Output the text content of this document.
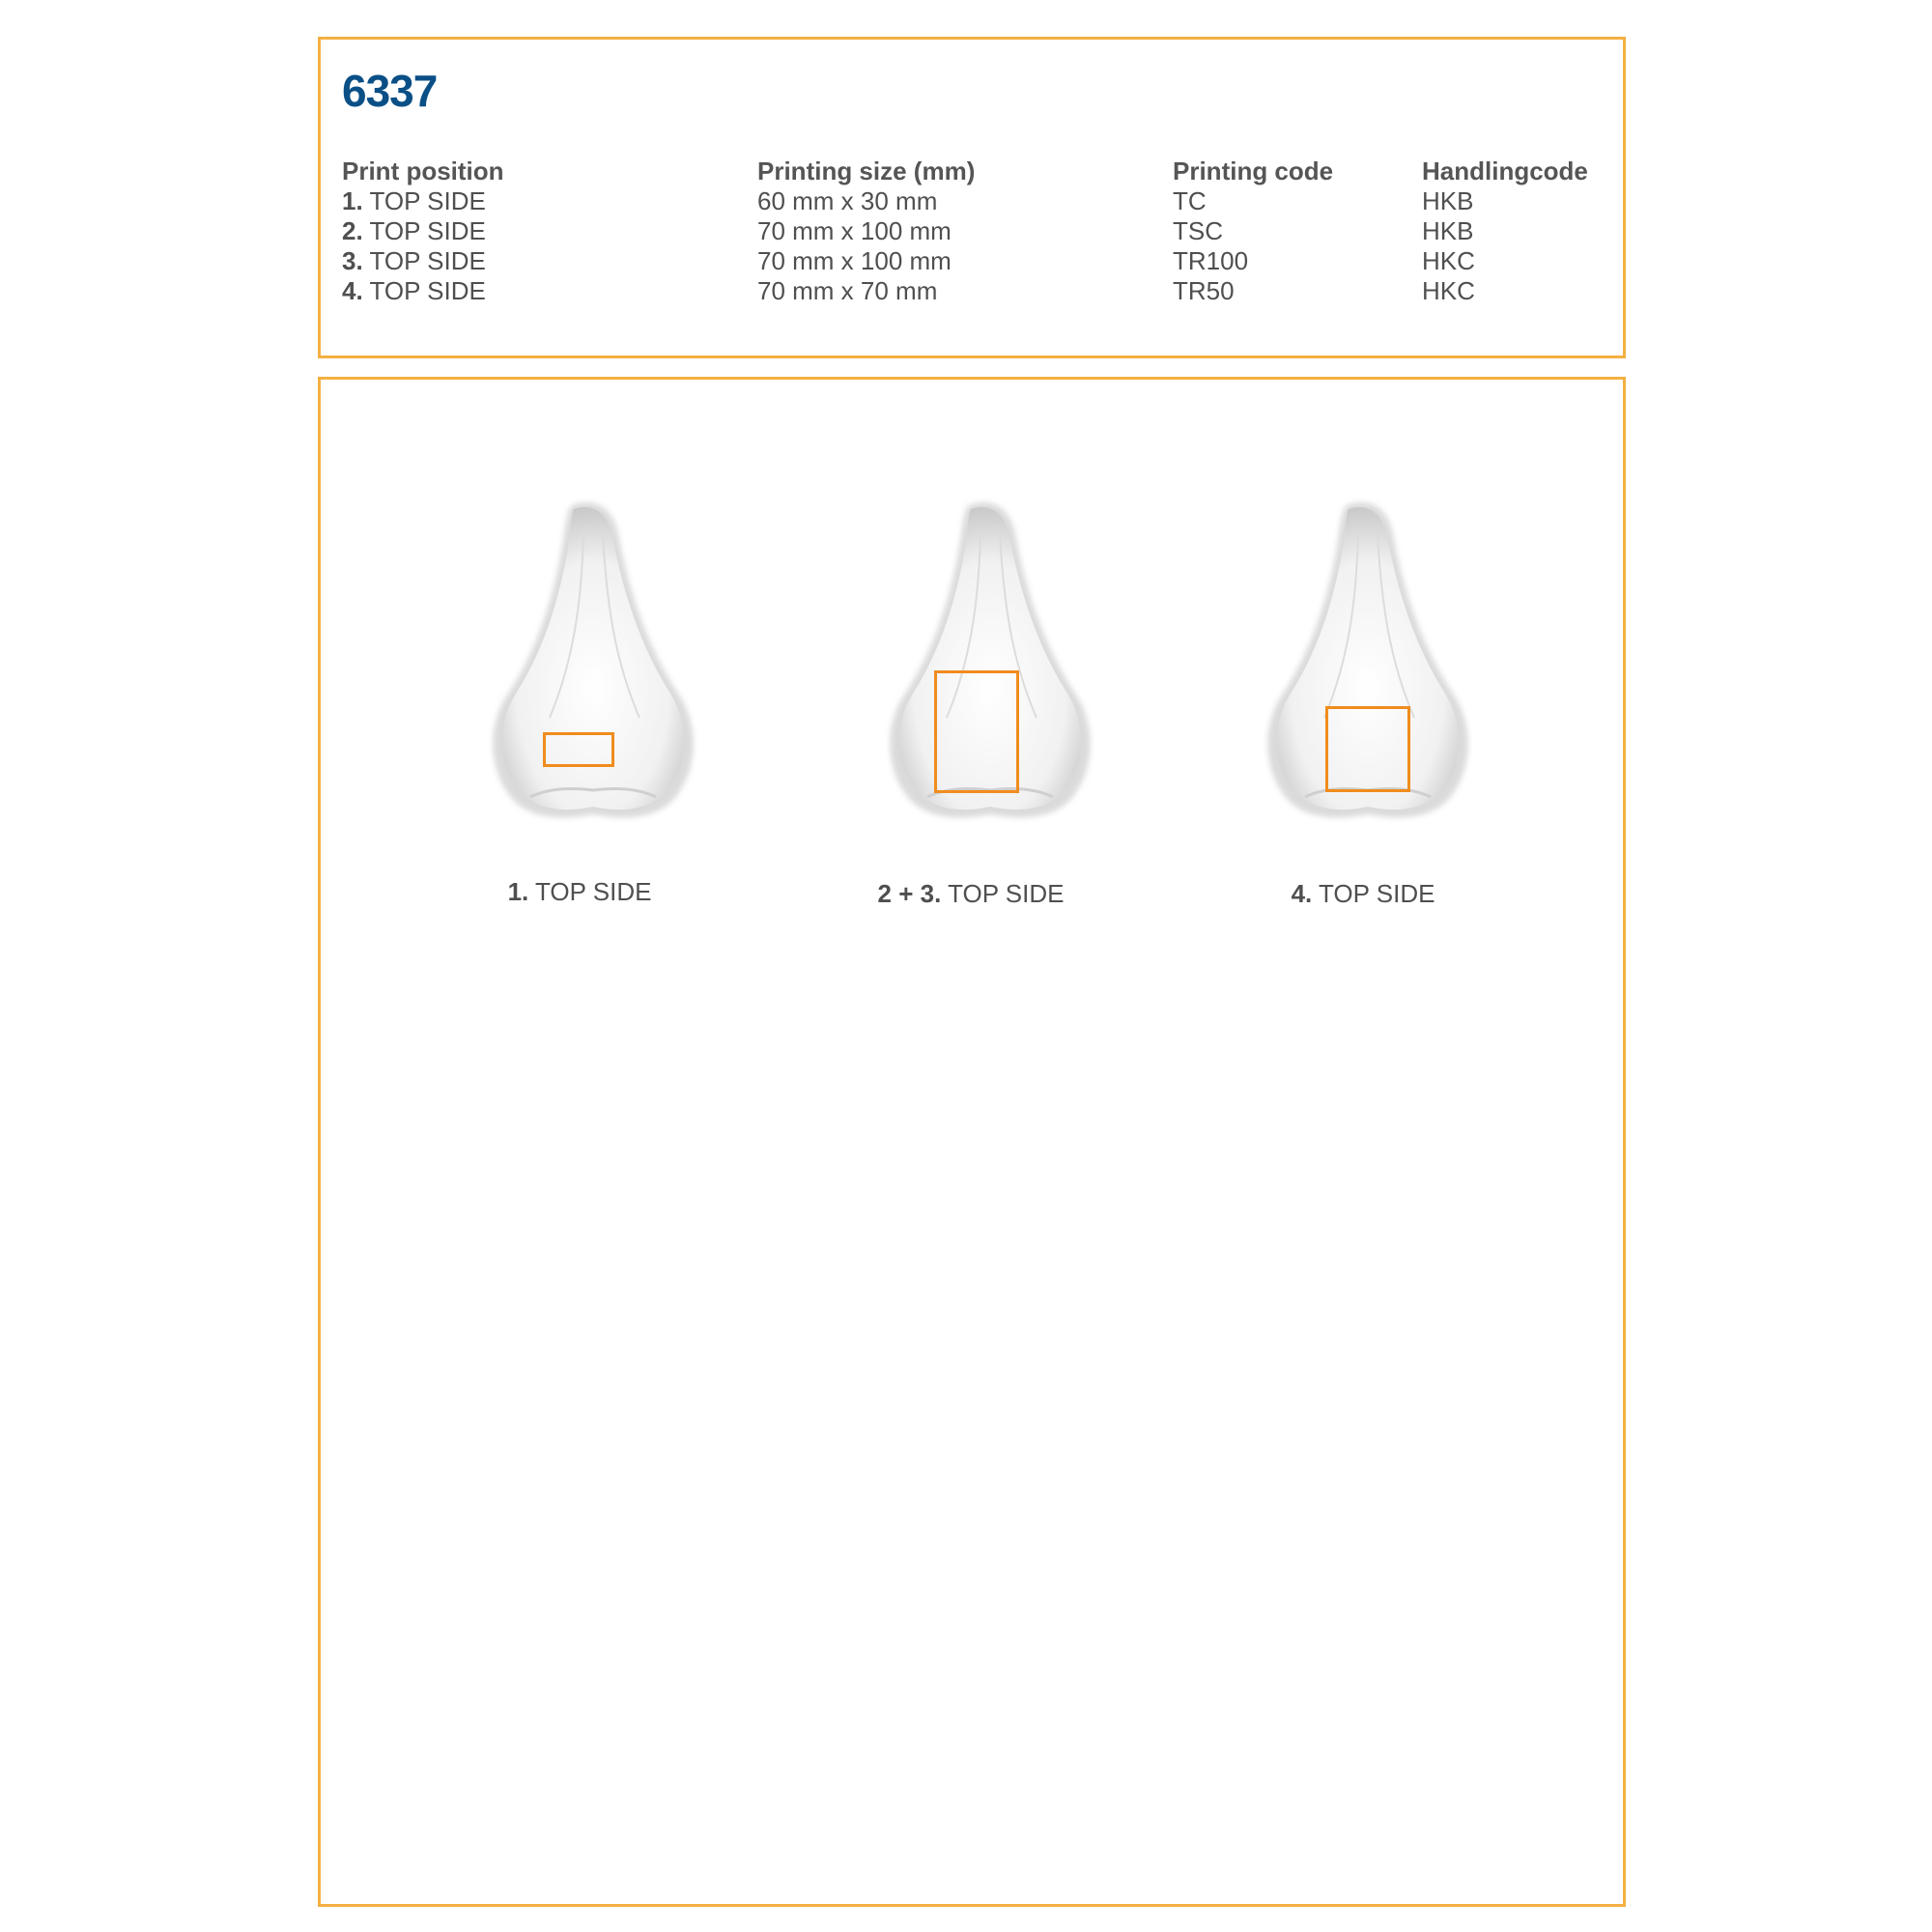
6337
Print position
1. TOP SIDE
2. TOP SIDE
3. TOP SIDE
4. TOP SIDE
Printing size (mm)
60 mm x 30 mm
70 mm x 100 mm
70 mm x 100 mm
70 mm x 70 mm
Printing code
TC
TSC
TR100
TR50
Handlingcode
HKB
HKB
HKC
HKC
1. TOP SIDE	2 + 3. TOP SIDE	4. TOP SIDE
